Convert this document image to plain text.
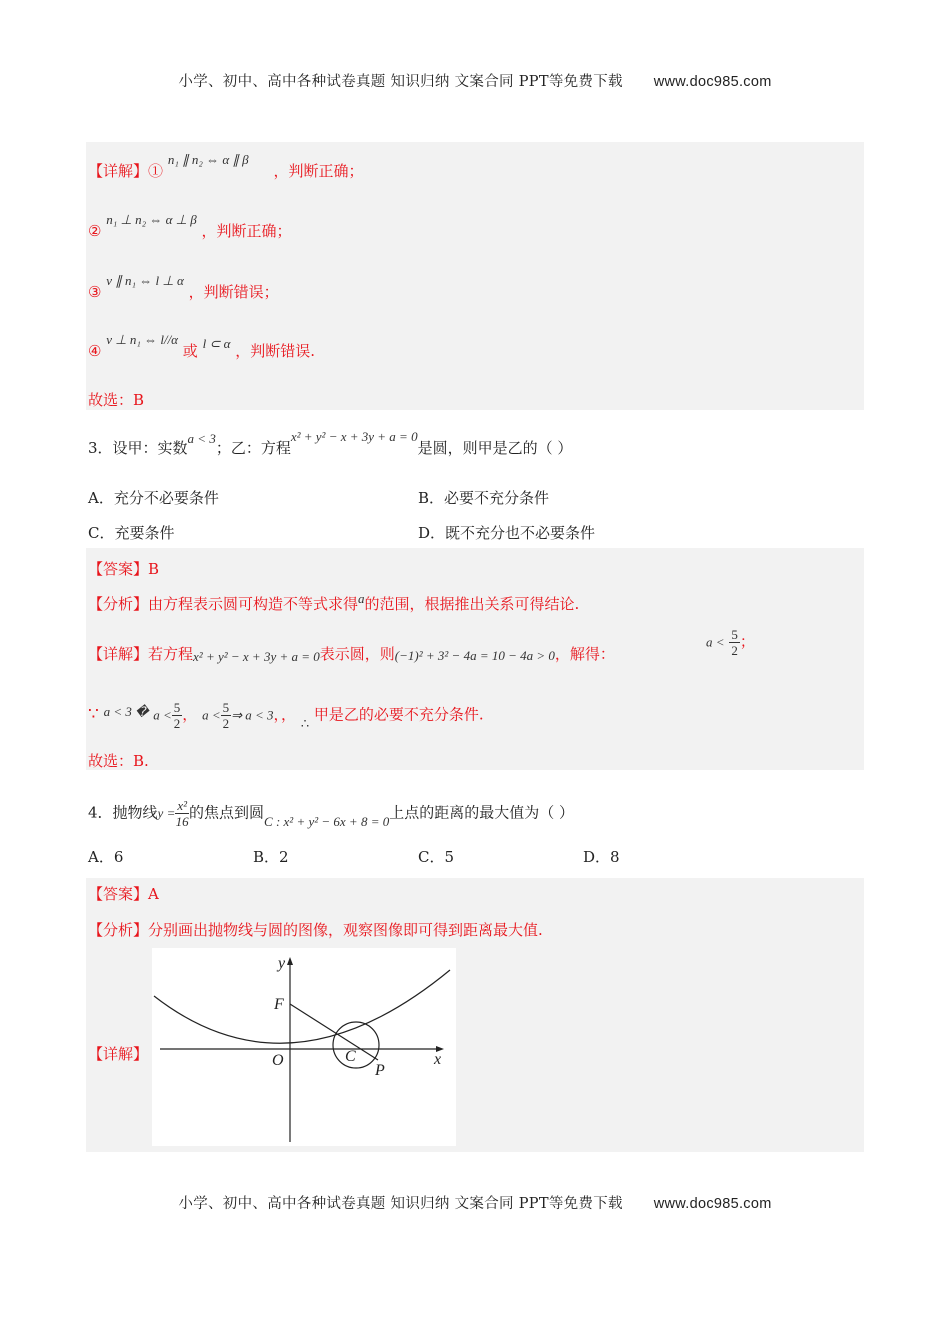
小学、初中、高中各种试卷真题 知识归纳 文案合同 PPT等免费下载 www.doc985.com
【详解】① n₁ ∥ n₂ ⇔ α ∥ β ，判断正确；
② n₁ ⊥ n₂ ⇔ α ⊥ β ，判断正确；
③ v ∥ n₁ ⇔ l ⊥ α ，判断错误；
④ v ⊥ n₁ ⇔ l//α 或 l ⊂ α ，判断错误.
故选：B
3．设甲：实数a < 3；乙：方程x² + y² − x + 3y + a = 0是圆，则甲是乙的（ ）
A．充分不必要条件	B．必要不充分条件
C．充要条件	D．既不充分也不必要条件
【答案】B
【分析】由方程表示圆可构造不等式求得a的范围，根据推出关系可得结论.
【详解】若方程x² + y² − x + 3y + a = 0表示圆，则(−1)² + 3² − 4a = 10 − 4a > 0，解得：
$a < \frac{5}{2}$ ；
∵ a < 3 � $a < \frac{5}{2}$ ， $a < \frac{5}{2}$ ⇒ a < 3，， ∴ 甲是乙的必要不充分条件.
故选：B.
4．抛物线$y = \frac{\text{x²}}{16}$ 的焦点到圆C : x² + y² − 6x + 8 = 0上点的距离的最大值为（ ）
A．6	B．2	C．5	D．8
【答案】A
【分析】分别画出抛物线与圆的图像，观察图像即可得到距离最大值.
【详解】
y
x
F
O	C
P
小学、初中、高中各种试卷真题 知识归纳 文案合同 PPT等免费下载 www.doc985.com
